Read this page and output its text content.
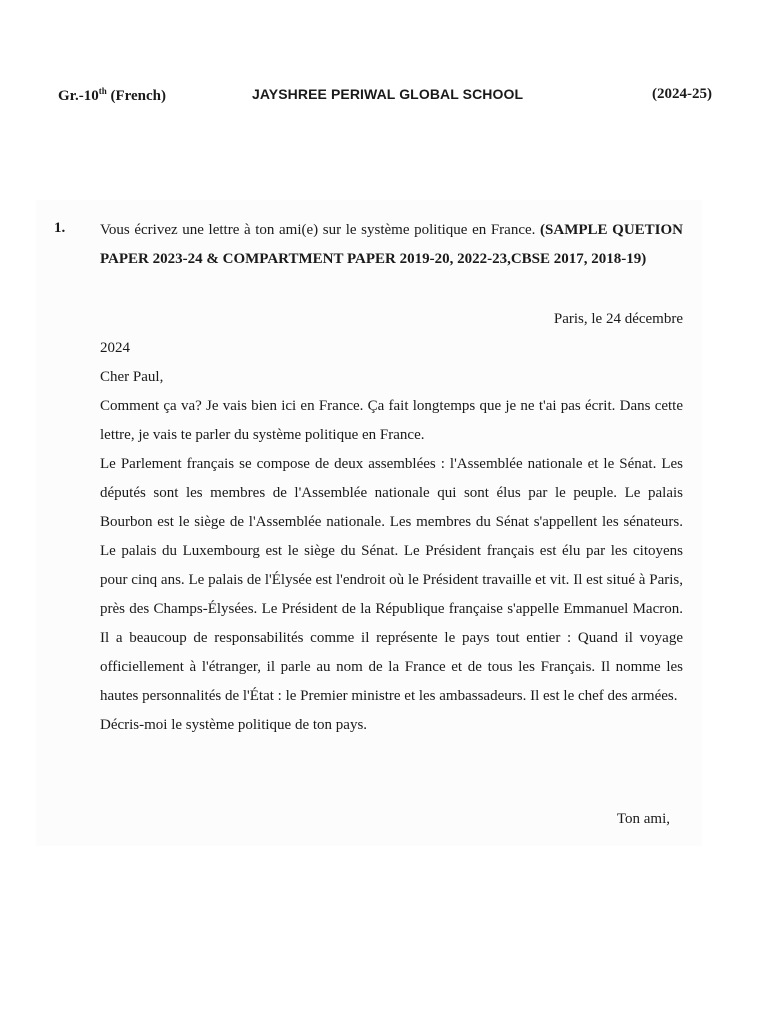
Gr.-10th (French)	JAYSHREE PERIWAL GLOBAL SCHOOL	(2024-25)
1. Vous écrivez une lettre à ton ami(e) sur le système politique en France. (SAMPLE QUETION PAPER 2023-24 & COMPARTMENT PAPER 2019-20, 2022-23,CBSE 2017, 2018-19)
Paris, le 24 décembre
2024

Cher Paul,

Comment ça va? Je vais bien ici en France. Ça fait longtemps que je ne t'ai pas écrit. Dans cette lettre, je vais te parler du système politique en France.

Le Parlement français se compose de deux assemblées : l'Assemblée nationale et le Sénat. Les députés sont les membres de l'Assemblée nationale qui sont élus par le peuple. Le palais Bourbon est le siège de l'Assemblée nationale. Les membres du Sénat s'appellent les sénateurs. Le palais du Luxembourg est le siège du Sénat. Le Président français est élu par les citoyens pour cinq ans. Le palais de l'Élysée est l'endroit où le Président travaille et vit. Il est situé à Paris, près des Champs-Élysées. Le Président de la République française s'appelle Emmanuel Macron. Il a beaucoup de responsabilités comme il représente le pays tout entier : Quand il voyage officiellement à l'étranger, il parle au nom de la France et de tous les Français. Il nomme les hautes personnalités de l'État : le Premier ministre et les ambassadeurs. Il est le chef des armées.

Décris-moi le système politique de ton pays.

Ton ami,
